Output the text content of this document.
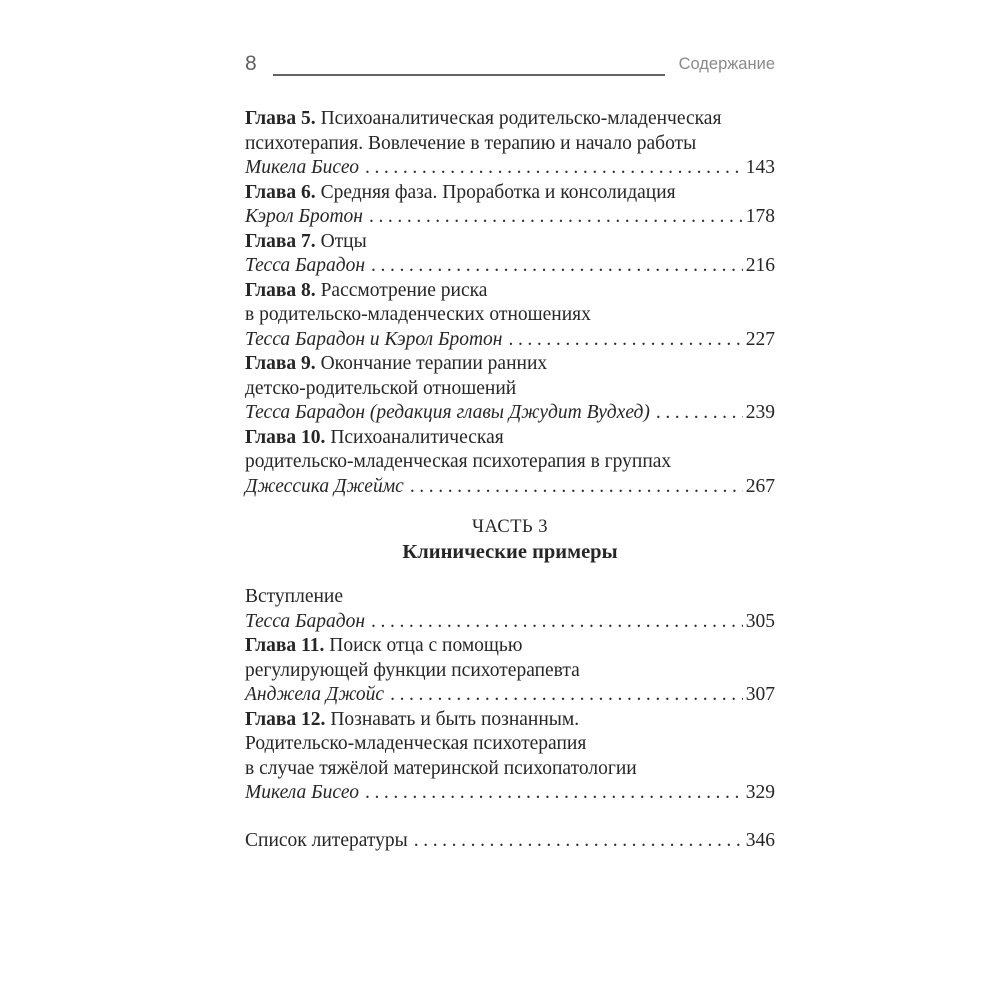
8	Содержание
Глава 5. Психоаналитическая родительско-младенческая
психотерапия. Вовлечение в терапию и начало работы
Микела Бисео .....	143
Глава 6. Средняя фаза. Проработка и консолидация
Кэрол Бротон .....	178
Глава 7. Отцы
Тесса Барадон .....	216
Глава 8. Рассмотрение риска
в родительско-младенческих отношениях
Тесса Барадон и Кэрол Бротон .....	227
Глава 9. Окончание терапии ранних
детско-родительской отношений
Тесса Барадон (редакция главы Джудит Вудхед) .....	239
Глава 10. Психоаналитическая
родительско-младенческая психотерапия в группах
Джессика Джеймс .....	267
ЧАСТЬ 3
Клинические примеры
Вступление
Тесса Барадон .....	305
Глава 11. Поиск отца с помощью
регулирующей функции психотерапевта
Анджела Джойс .....	307
Глава 12. Познавать и быть познанным.
Родительско-младенческая психотерапия
в случае тяжёлой материнской психопатологии
Микела Бисео .....	329
Список литературы .....	346
